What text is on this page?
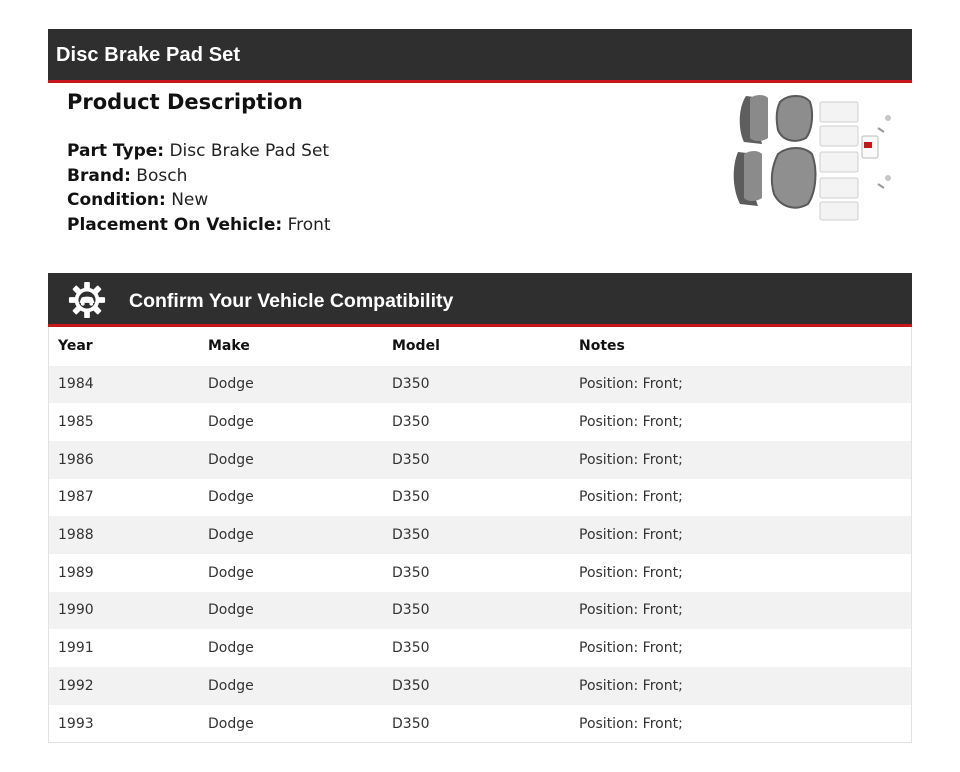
Disc Brake Pad Set
Product Description
Part Type: Disc Brake Pad Set
Brand: Bosch
Condition: New
Placement On Vehicle: Front
Confirm Your Vehicle Compatibility
Year	Make	Model	Notes
1984	Dodge	D350	Position: Front;
1985	Dodge	D350	Position: Front;
1986	Dodge	D350	Position: Front;
1987	Dodge	D350	Position: Front;
1988	Dodge	D350	Position: Front;
1989	Dodge	D350	Position: Front;
1990	Dodge	D350	Position: Front;
1991	Dodge	D350	Position: Front;
1992	Dodge	D350	Position: Front;
1993	Dodge	D350	Position: Front;
